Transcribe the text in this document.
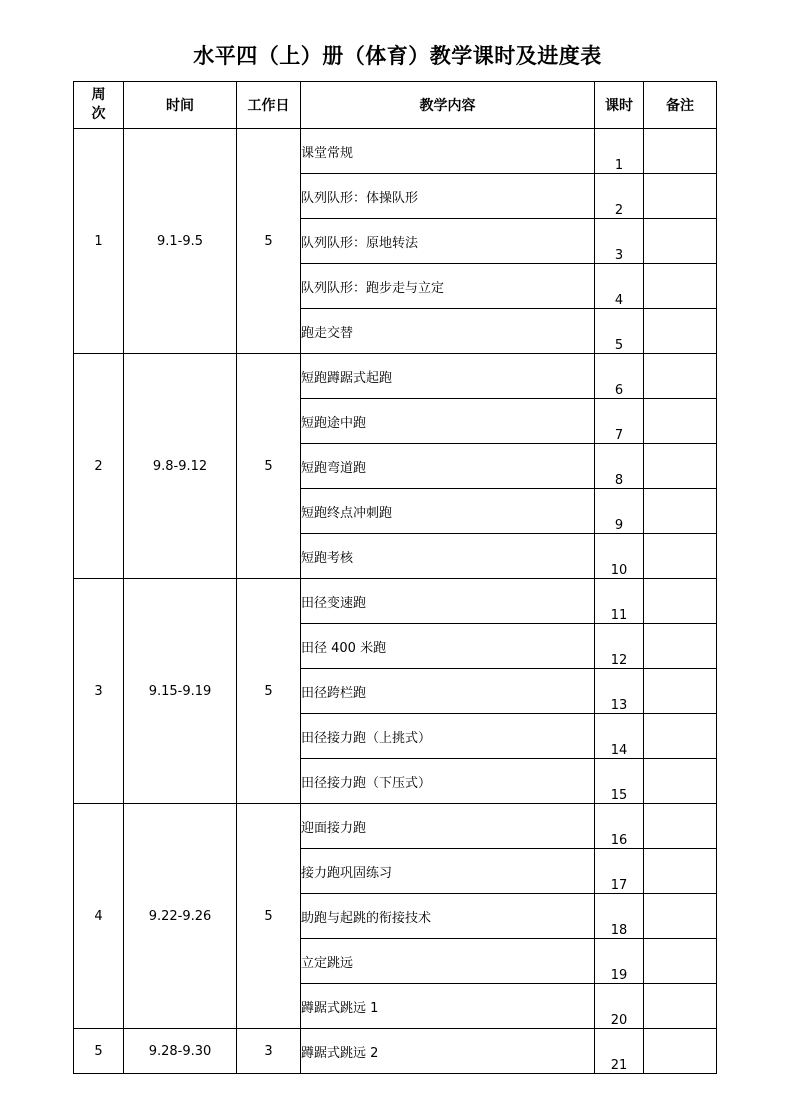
水平四（上）册（体育）教学课时及进度表
周
次	时间	工作日	教学内容	课时	备注
1	9.1-9.5	5	课堂常规	1	
			队列队形：体操队形	2	
			队列队形：原地转法	3	
			队列队形：跑步走与立定	4	
			跑走交替	5	
2	9.8-9.12	5	短跑蹲踞式起跑	6	
			短跑途中跑	7	
			短跑弯道跑	8	
			短跑终点冲刺跑	9	
			短跑考核	10	
3	9.15-9.19	5	田径变速跑	11	
			田径 400 米跑	12	
			田径跨栏跑	13	
			田径接力跑（上挑式）	14	
			田径接力跑（下压式）	15	
4	9.22-9.26	5	迎面接力跑	16	
			接力跑巩固练习	17	
			助跑与起跳的衔接技术	18	
			立定跳远	19	
			蹲踞式跳远 1	20	
5	9.28-9.30	3	蹲踞式跳远 2	21	
